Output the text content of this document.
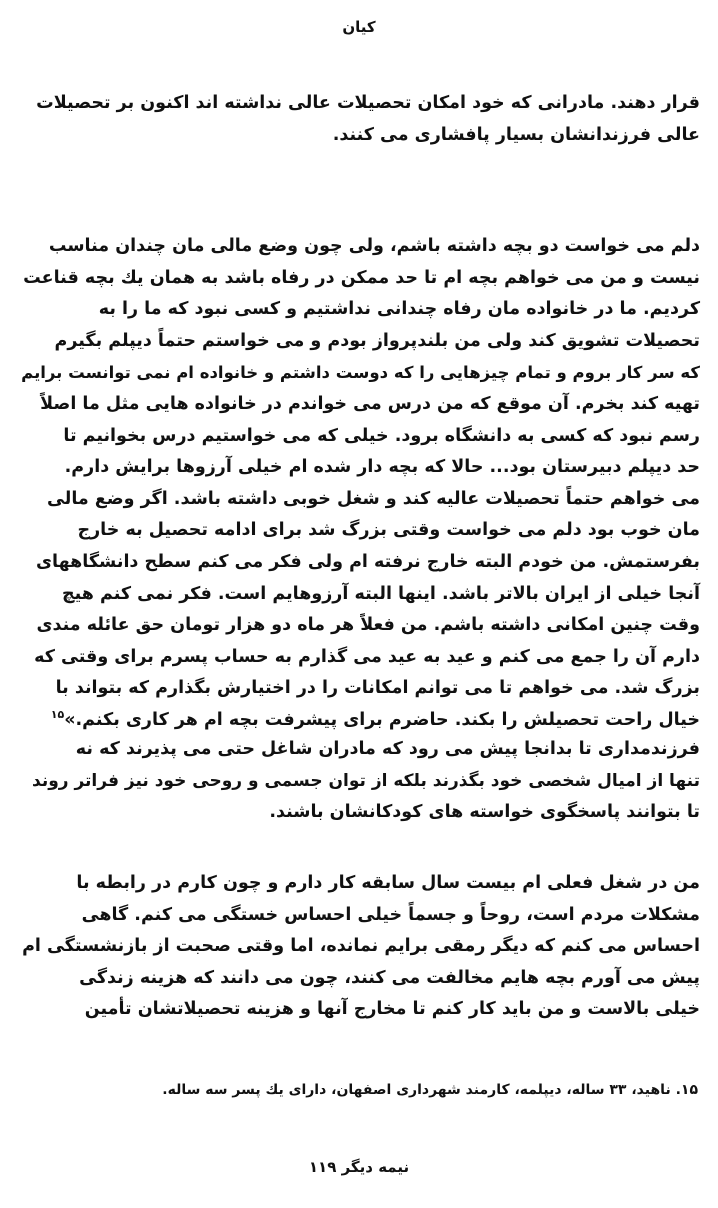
کیان
قرار دهند. مادرانی که خود امکان تحصیلات عالی نداشته اند اکنون بر تحصیلات
عالی فرزندانشان بسیار پافشاری می کنند.
دلم می خواست دو بچه داشته باشم، ولی چون وضع مالی مان چندان مناسب
نیست و من می خواهم بچه ام تا حد ممکن در رفاه باشد به همان یك بچه قناعت
کردیم. ما در خانواده مان رفاه چندانی نداشتیم و کسی نبود که ما را به
تحصیلات تشویق کند ولی من بلندپرواز بودم و می خواستم حتماً دیپلم بگیرم
که سر کار بروم و تمام چیزهایی را که دوست داشتم و خانواده ام نمی توانست برایم
تهیه کند بخرم. آن موقع که من درس می خواندم در خانواده هایی مثل ما اصلاً
رسم نبود که کسی به دانشگاه برود. خیلی که می خواستیم درس بخوانیم تا
حد دیپلم دبیرستان بود... حالا که بچه دار شده ام خیلی آرزوها برایش دارم.
می خواهم حتماً تحصیلات عالیه کند و شغل خوبی داشته باشد. اگر وضع مالی
مان خوب بود دلم می خواست وقتی بزرگ شد برای ادامه تحصیل به خارج
بفرستمش. من خودم البته خارج نرفته ام ولی فکر می کنم سطح دانشگاههای
آنجا خیلی از ایران بالاتر باشد. اینها البته آرزوهایم است. فکر نمی کنم هیچ
وقت چنین امکانی داشته باشم. من فعلاً هر ماه دو هزار تومان حق عائله مندی
دارم آن را جمع می کنم و عید به عید می گذارم به حساب پسرم برای وقتی که
بزرگ شد. می خواهم تا می توانم امکانات را در اختیارش بگذارم که بتواند با
خیال راحت تحصیلش را بکند. حاضرم برای پیشرفت بچه ام هر کاری بکنم.»$^{۱۵}$
فرزندمداری تا بدانجا پیش می رود که مادران شاغل حتی می پذیرند که نه
تنها از امیال شخصی خود بگذرند بلکه از توان جسمی و روحی خود نیز فراتر روند
تا بتوانند پاسخگوی خواسته های کودکانشان باشند.
من در شغل فعلی ام بیست سال سابقه کار دارم و چون کارم در رابطه با
مشکلات مردم است، روحاً و جسماً خیلی احساس خستگی می کنم. گاهی
احساس می کنم که دیگر رمقی برایم نمانده، اما وقتی صحبت از بازنشستگی ام
پیش می آورم بچه هایم مخالفت می کنند، چون می دانند که هزینه زندگی
خیلی بالاست و من باید کار کنم تا مخارج آنها و هزینه تحصیلاتشان تأمین
۱۵. ناهید، ۳۳ ساله، دیپلمه، کارمند شهرداری اصفهان، دارای یك پسر سه ساله.
نیمه دیگر ۱۱۹
